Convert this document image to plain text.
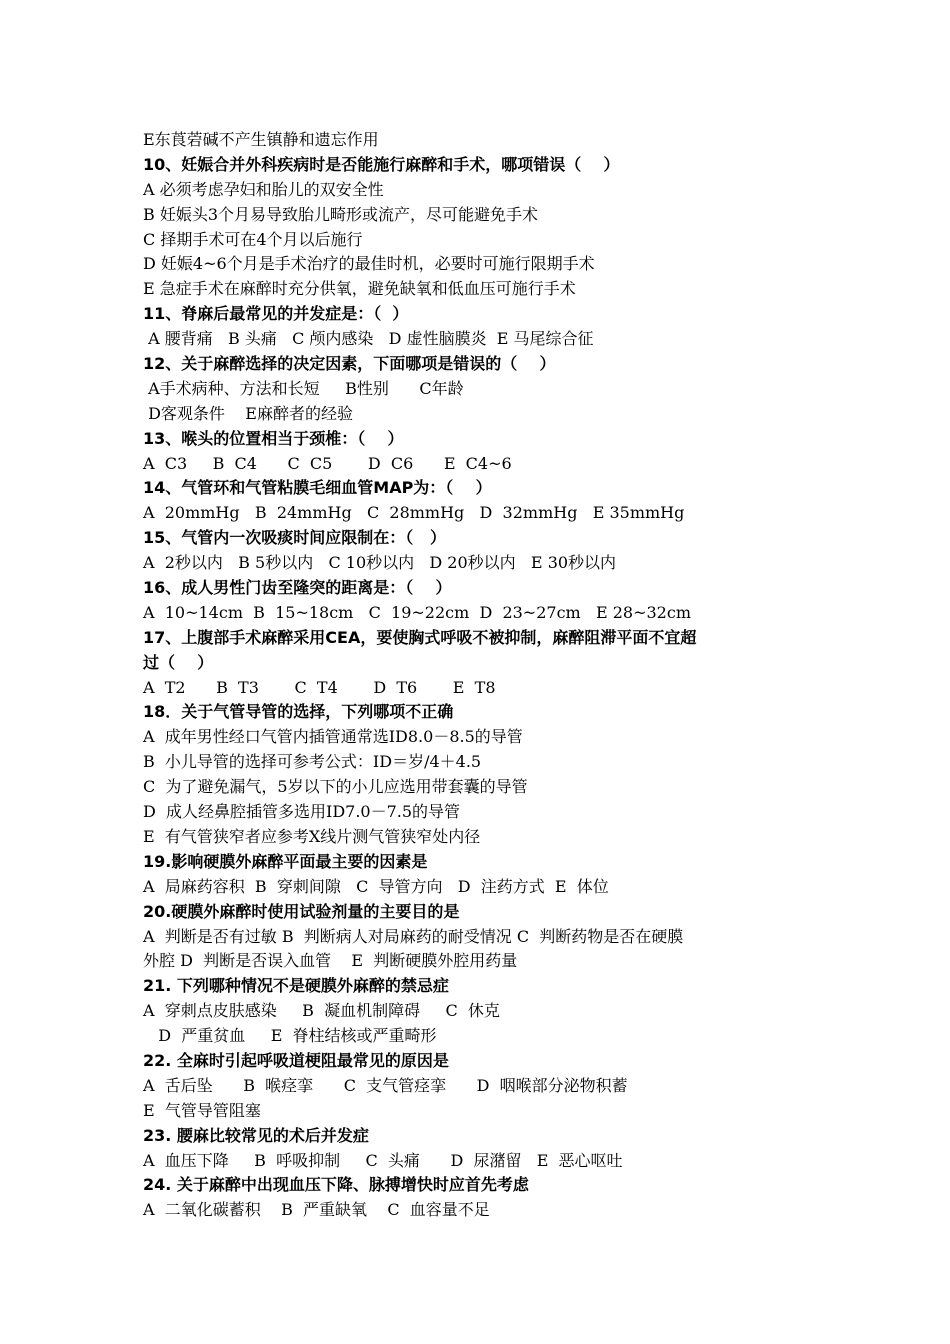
E东莨菪碱不产生镇静和遗忘作用
10、妊娠合并外科疾病时是否能施行麻醉和手术，哪项错误（    ）
A 必须考虑孕妇和胎儿的双安全性
B 妊娠头3个月易导致胎儿畸形或流产，尽可能避免手术
C 择期手术可在4个月以后施行
D 妊娠4~6个月是手术治疗的最佳时机，必要时可施行限期手术
E 急症手术在麻醉时充分供氧，避免缺氧和低血压可施行手术
11、脊麻后最常见的并发症是：（  ）
A 腰背痛   B 头痛   C 颅内感染   D 虚性脑膜炎  E 马尾综合征
12、关于麻醉选择的决定因素，下面哪项是错误的（    ）
A手术病种、方法和长短     B性别      C年龄
D客观条件    E麻醉者的经验
13、喉头的位置相当于颈椎：（    ）
A  C3     B  C4      C  C5       D  C6      E  C4~6
14、气管环和气管粘膜毛细血管MAP为：（    ）
A  20mmHg   B  24mmHg   C  28mmHg   D  32mmHg   E 35mmHg
15、气管内一次吸痰时间应限制在：（   ）
A  2秒以内   B 5秒以内   C 10秒以内   D 20秒以内   E 30秒以内
16、成人男性门齿至隆突的距离是：（    ）
A  10~14cm  B  15~18cm   C  19~22cm  D  23~27cm   E 28~32cm
17、上腹部手术麻醉采用CEA，要使胸式呼吸不被抑制，麻醉阻滞平面不宜超
过（    ）
A  T2      B  T3       C  T4       D  T6       E  T8
18．关于气管导管的选择，下列哪项不正确
A  成年男性经口气管内插管通常选ID8.0－8.5的导管
B  小儿导管的选择可参考公式：ID＝岁/4＋4.5
C  为了避免漏气，5岁以下的小儿应选用带套囊的导管
D  成人经鼻腔插管多选用ID7.0－7.5的导管
E  有气管狭窄者应参考X线片测气管狭窄处内径
19.影响硬膜外麻醉平面最主要的因素是
A  局麻药容积  B  穿刺间隙   C  导管方向   D  注药方式  E  体位
20.硬膜外麻醉时使用试验剂量的主要目的是
A  判断是否有过敏 B  判断病人对局麻药的耐受情况 C  判断药物是否在硬膜
外腔 D  判断是否误入血管    E  判断硬膜外腔用药量
21. 下列哪种情况不是硬膜外麻醉的禁忌症
A  穿刺点皮肤感染     B  凝血机制障碍     C  休克
D  严重贫血     E  脊柱结核或严重畸形
22. 全麻时引起呼吸道梗阻最常见的原因是
A  舌后坠      B  喉痉挛      C  支气管痉挛      D  咽喉部分泌物积蓄
E  气管导管阻塞
23. 腰麻比较常见的术后并发症
A  血压下降     B  呼吸抑制     C  头痛      D  尿潴留   E  恶心呕吐
24. 关于麻醉中出现血压下降、脉搏增快时应首先考虑
A  二氧化碳蓄积    B  严重缺氧    C  血容量不足
